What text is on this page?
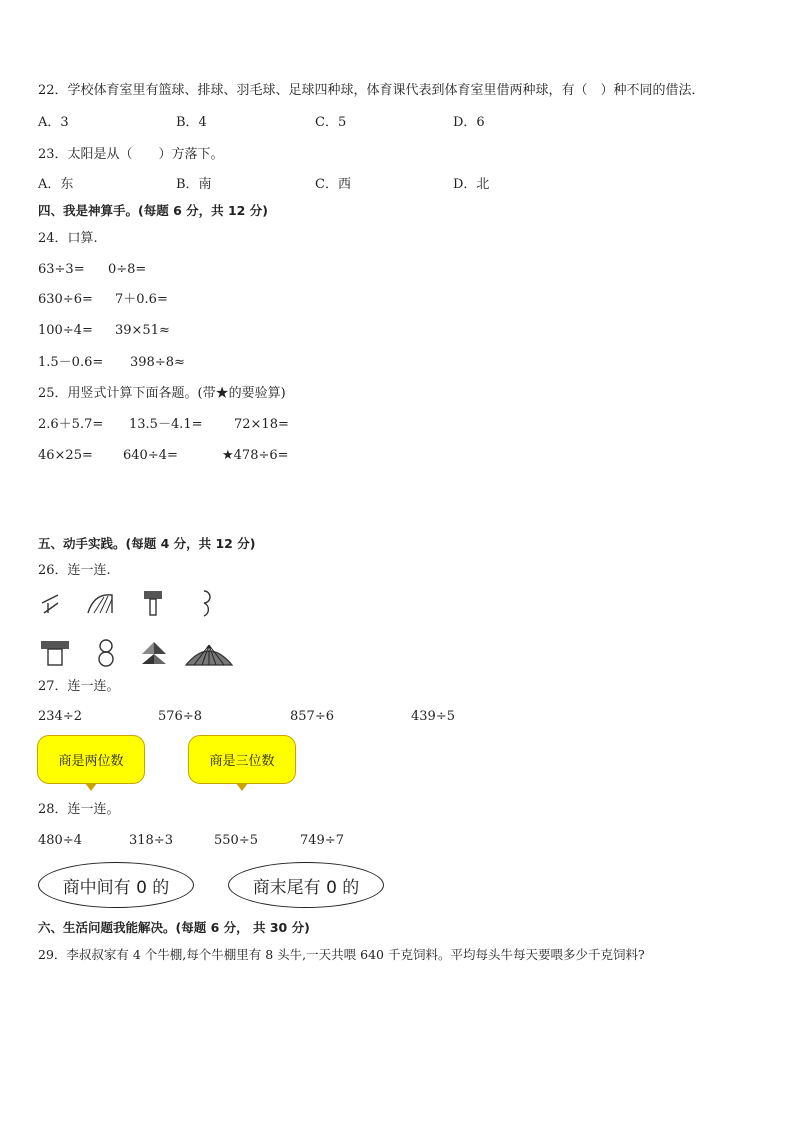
22．学校体育室里有篮球、排球、羽毛球、足球四种球，体育课代表到体育室里借两种球，有（　）种不同的借法．
A．3	B．4	C．5	D．6
23．太阳是从（　　）方落下。
A．东	B．南	C．西	D．北
四、我是神算手。(每题 6 分，共 12 分)
24．口算.
63÷3= 0÷8=
630÷6= 7＋0.6=
100÷4= 39×51≈
1.5－0.6= 398÷8≈
25．用竖式计算下面各题。(带★的要验算)
2.6＋5.7= 13.5－4.1= 72×18=
46×25= 640÷4=	★478÷6=
五、动手实践。(每题 4 分，共 12 分)
26．连一连.
27．连一连。
234÷2	576÷8	857÷6	439÷5
商是两位数	商是三位数
28．连一连。
480÷4	318÷3	550÷5	749÷7
商中间有 0 的	商末尾有 0 的
六、生活问题我能解决。(每题 6 分， 共 30 分)
29．李叔叔家有 4 个牛棚,每个牛棚里有 8 头牛,一天共喂 640 千克饲料。平均每头牛每天要喂多少千克饲料?
